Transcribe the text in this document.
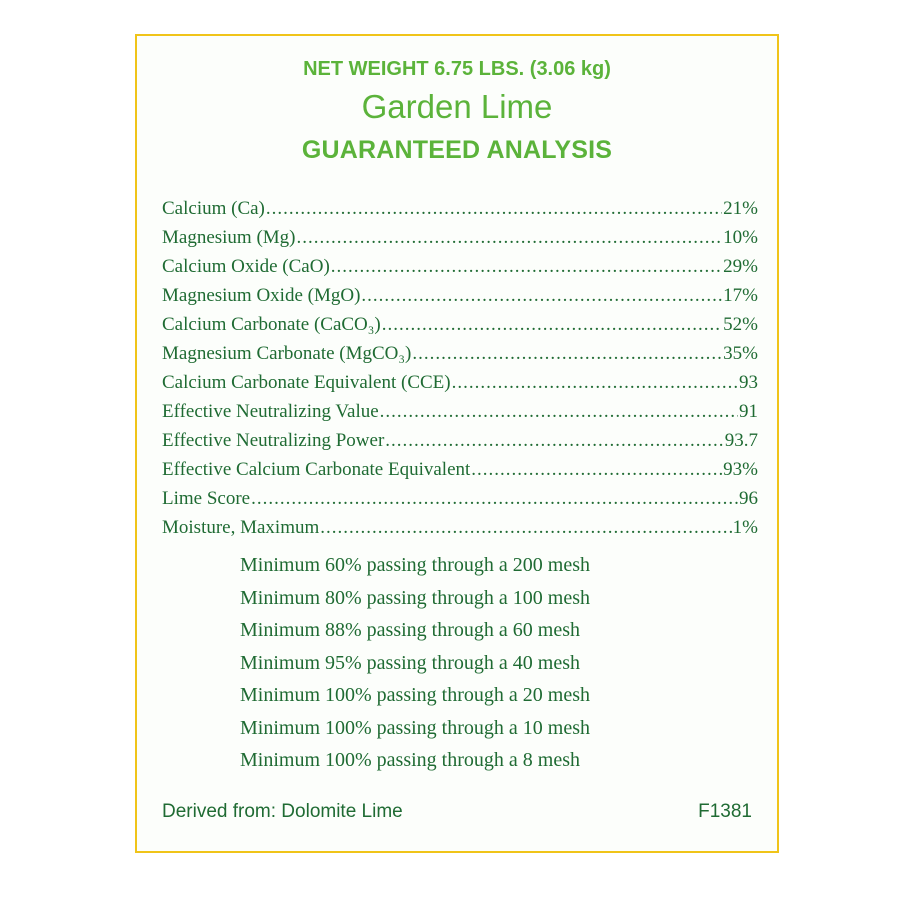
NET WEIGHT 6.75 LBS. (3.06 kg)
Garden Lime
GUARANTEED ANALYSIS
Calcium (Ca) .....	21%
Magnesium (Mg) .....	10%
Calcium Oxide (CaO) .....	29%
Magnesium Oxide (MgO) .....	17%
Calcium Carbonate (CaCO₃) .....	52%
Magnesium Carbonate (MgCO₃) .....	35%
Calcium Carbonate Equivalent (CCE) .....	93
Effective Neutralizing Value .....	91
Effective Neutralizing Power .....	93.7
Effective Calcium Carbonate Equivalent .....	93%
Lime Score .....	96
Moisture, Maximum .....	1%
Minimum 60% passing through a 200 mesh
Minimum 80% passing through a 100 mesh
Minimum 88% passing through a 60 mesh
Minimum 95% passing through a 40 mesh
Minimum 100% passing through a 20 mesh
Minimum 100% passing through a 10 mesh
Minimum 100% passing through a 8 mesh
Derived from: Dolomite Lime	F1381
